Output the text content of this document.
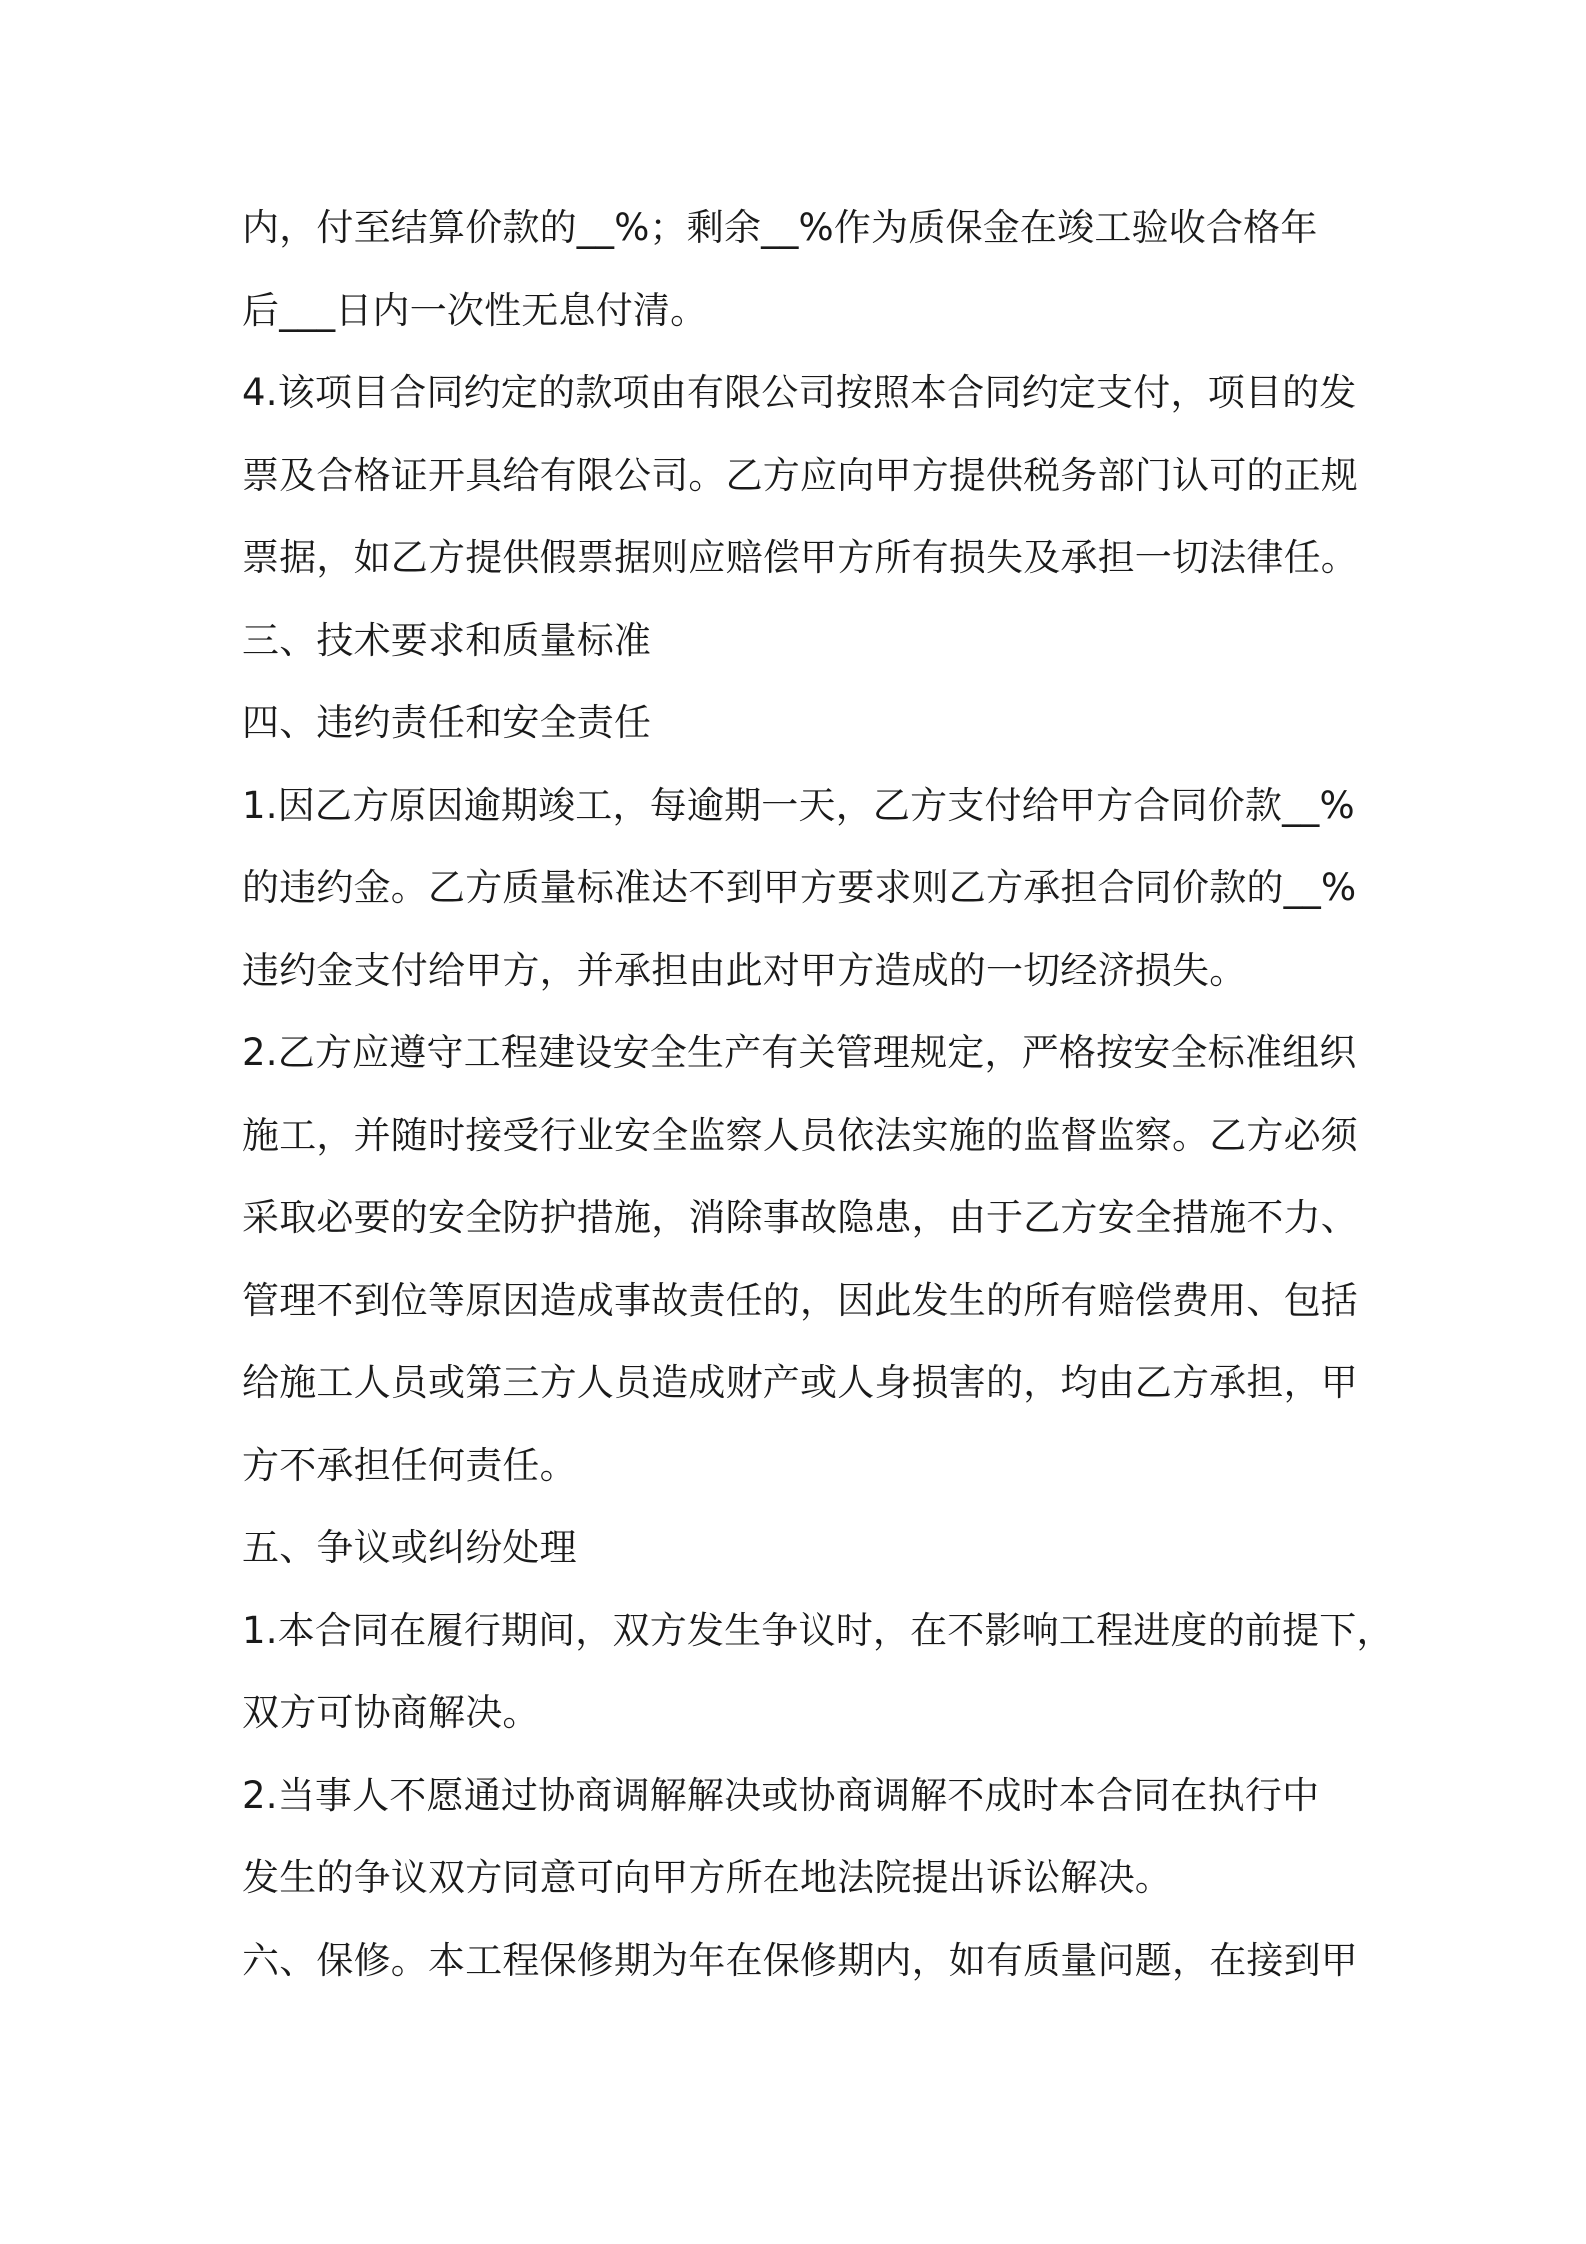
内，付至结算价款的__%；剩余__%作为质保金在竣工验收合格年
后___日内一次性无息付清。
4.该项目合同约定的款项由有限公司按照本合同约定支付，项目的发
票及合格证开具给有限公司。乙方应向甲方提供税务部门认可的正规
票据，如乙方提供假票据则应赔偿甲方所有损失及承担一切法律任。
三、技术要求和质量标准
四、违约责任和安全责任
1.因乙方原因逾期竣工，每逾期一天，乙方支付给甲方合同价款__%
的违约金。乙方质量标准达不到甲方要求则乙方承担合同价款的__%
违约金支付给甲方，并承担由此对甲方造成的一切经济损失。
2.乙方应遵守工程建设安全生产有关管理规定，严格按安全标准组织
施工，并随时接受行业安全监察人员依法实施的监督监察。乙方必须
采取必要的安全防护措施，消除事故隐患，由于乙方安全措施不力、
管理不到位等原因造成事故责任的，因此发生的所有赔偿费用、包括
给施工人员或第三方人员造成财产或人身损害的，均由乙方承担，甲
方不承担任何责任。
五、争议或纠纷处理
1.本合同在履行期间，双方发生争议时，在不影响工程进度的前提下，
双方可协商解决。
2.当事人不愿通过协商调解解决或协商调解不成时本合同在执行中
发生的争议双方同意可向甲方所在地法院提出诉讼解决。
六、保修。本工程保修期为年在保修期内，如有质量问题，在接到甲
